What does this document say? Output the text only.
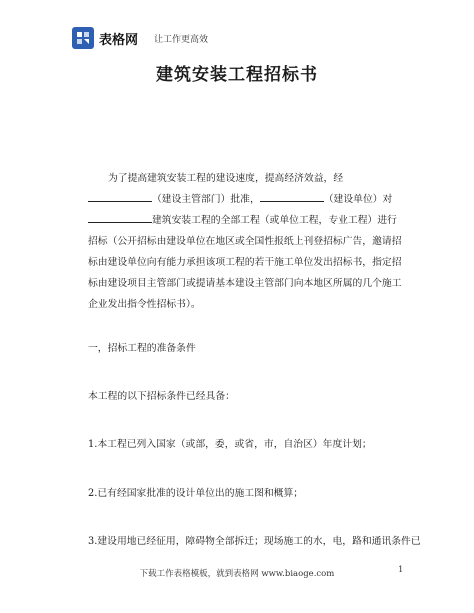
表格网 让工作更高效
建筑安装工程招标书
为了提高建筑安装工程的建设速度，提高经济效益，经（建设主管部门）批准，	（建设单位）对建筑安装工程的全部工程（或单位工程，专业工程）进行招标（公开招标由建设单位在地区或全国性报纸上刊登招标广告，邀请招标由建设单位向有能力承担该项工程的若干施工单位发出招标书，指定招标由建设项目主管部门或提请基本建设主管部门向本地区所属的几个施工企业发出指令性招标书）。
一，招标工程的准备条件
本工程的以下招标条件已经具备：
1.本工程已列入国家（或部，委，或省，市，自治区）年度计划；
2.已有经国家批准的设计单位出的施工图和概算；
3.建设用地已经征用，障碍物全部拆迁；现场施工的水，电，路和通讯条件已
下载工作表格模板，就到表格网 www.biaoge.com	1
